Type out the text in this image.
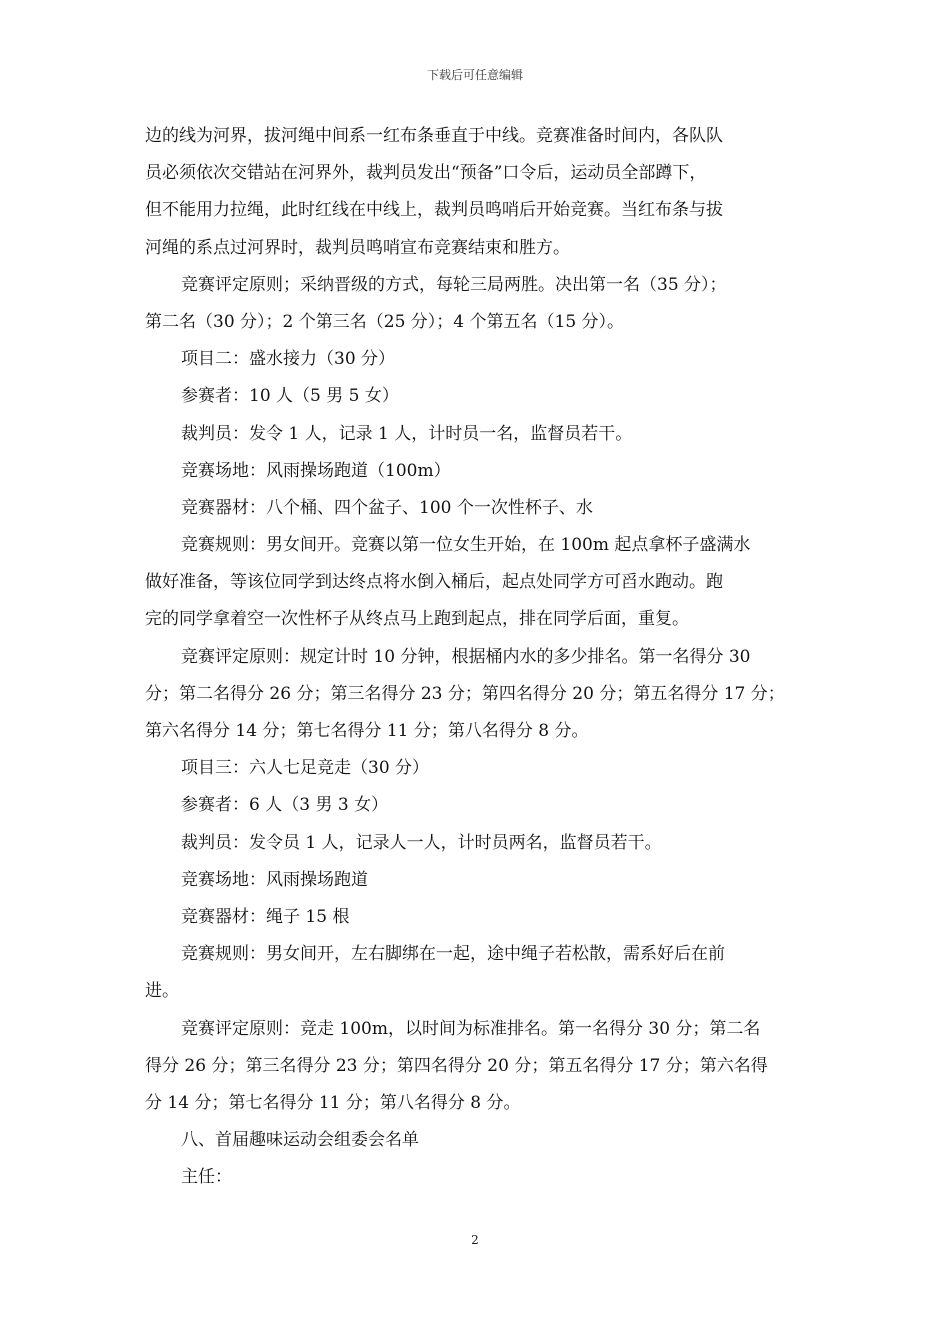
下载后可任意编辑
边的线为河界，拔河绳中间系一红布条垂直于中线。竞赛准备时间内，各队队
员必须依次交错站在河界外，裁判员发出“预备”口令后，运动员全部蹲下，
但不能用力拉绳，此时红线在中线上，裁判员鸣哨后开始竞赛。当红布条与拔
河绳的系点过河界时，裁判员鸣哨宣布竞赛结束和胜方。
竞赛评定原则；采纳晋级的方式，每轮三局两胜。决出第一名（35 分）；
第二名（30 分）；2 个第三名（25 分）；4 个第五名（15 分）。
项目二：盛水接力（30 分）
参赛者：10 人（5 男 5 女）
裁判员：发令 1 人，记录 1 人，计时员一名，监督员若干。
竞赛场地：风雨操场跑道（100m）
竞赛器材：八个桶、四个盆子、100 个一次性杯子、水
竞赛规则：男女间开。竞赛以第一位女生开始，在 100m 起点拿杯子盛满水
做好准备，等该位同学到达终点将水倒入桶后，起点处同学方可舀水跑动。跑
完的同学拿着空一次性杯子从终点马上跑到起点，排在同学后面，重复。
竞赛评定原则：规定计时 10 分钟，根据桶内水的多少排名。第一名得分 30
分；第二名得分 26 分；第三名得分 23 分；第四名得分 20 分；第五名得分 17 分；
第六名得分 14 分；第七名得分 11 分；第八名得分 8 分。
项目三：六人七足竞走（30 分）
参赛者：6 人（3 男 3 女）
裁判员：发令员 1 人，记录人一人，计时员两名，监督员若干。
竞赛场地：风雨操场跑道
竞赛器材：绳子 15 根
竞赛规则：男女间开，左右脚绑在一起，途中绳子若松散，需系好后在前
进。
竞赛评定原则：竞走 100m，以时间为标准排名。第一名得分 30 分；第二名
得分 26 分；第三名得分 23 分；第四名得分 20 分；第五名得分 17 分；第六名得
分 14 分；第七名得分 11 分；第八名得分 8 分。
八、首届趣味运动会组委会名单
主任：
2
